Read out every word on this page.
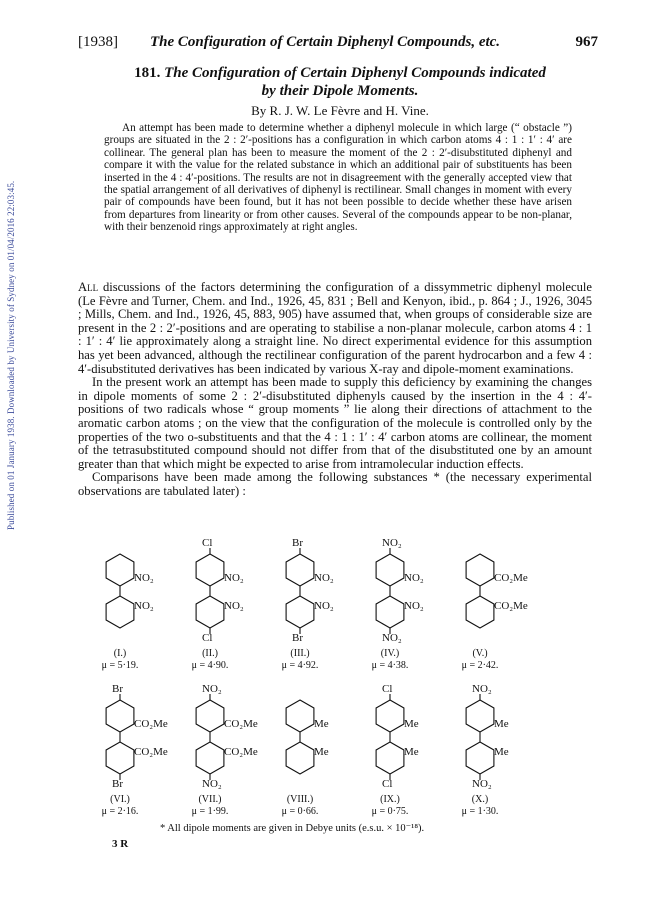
Published on 01 January 1938. Downloaded by University of Sydney on 01/04/2016 22:03:45.
[1938] The Configuration of Certain Diphenyl Compounds, etc.	967
181. The Configuration of Certain Diphenyl Compounds indicated
by their Dipole Moments.
By R. J. W. Le Fèvre and H. Vine.
An attempt has been made to determine whether a diphenyl molecule in which large (“ obstacle ”) groups are situated in the 2 : 2′-positions has a configuration in which carbon atoms 4 : 1 : 1′ : 4′ are collinear. The general plan has been to measure the moment of the 2 : 2′-disubstituted diphenyl and compare it with the value for the related substance in which an additional pair of substituents has been inserted in the 4 : 4′-positions. The results are not in disagreement with the generally accepted view that the spatial arrangement of all derivatives of diphenyl is rectilinear. Small changes in moment with every pair of compounds have been found, but it has not been possible to decide whether these have arisen from departures from linearity or from other causes. Several of the compounds appear to be non-planar, with their benzenoid rings approximately at right angles.

All discussions of the factors determining the configuration of a dissymmetric diphenyl molecule (Le Fèvre and Turner, Chem. and Ind., 1926, 45, 831 ; Bell and Kenyon, ibid., p. 864 ; J., 1926, 3045 ; Mills, Chem. and Ind., 1926, 45, 883, 905) have assumed that, when groups of considerable size are present in the 2 : 2′-positions and are operating to stabilise a non-planar molecule, carbon atoms 4 : 1 : 1′ : 4′ lie approximately along a straight line. No direct experimental evidence for this assumption has yet been advanced, although the rectilinear configuration of the parent hydrocarbon and a few 4 : 4′-disubstituted derivatives has been indicated by various X-ray and dipole-moment examinations.

In the present work an attempt has been made to supply this deficiency by examining the changes in dipole moments of some 2 : 2′-disubstituted diphenyls caused by the insertion in the 4 : 4′-positions of two radicals whose “ group moments ” lie along their directions of attachment to the aromatic carbon atoms ; on the view that the configuration of the molecule is controlled only by the properties of the two o-substituents and that the 4 : 1 : 1′ : 4′ carbon atoms are collinear, the moment of the tetrasubstituted compound should not differ from that of the disubstituted one by an amount greater than that which might be expected to arise from intramolecular induction effects.

Comparisons have been made among the following substances * (the necessary experimental observations are tabulated later) :

NO₂
NO₂
(I.)
μ = 5·19.
Cl
NO₂
NO₂
Cl
(II.)
μ = 4·90.
Br
NO₂
NO₂
Br
(III.)
μ = 4·92.
NO₂
NO₂
NO₂
NO₂
(IV.)
μ = 4·38.
CO₂Me
CO₂Me
(V.)
μ = 2·42.
Br
CO₂Me
CO₂Me
Br
(VI.)
μ = 2·16.
NO₂
CO₂Me
CO₂Me
NO₂
(VII.)
μ = 1·99.
Me
Me
(VIII.)
μ = 0·66.
Cl
Me
Me
Cl
(IX.)
μ = 0·75.
NO₂
Me
Me
NO₂
(X.)
μ = 1·30.
* All dipole moments are given in Debye units (e.s.u. × 10⁻¹⁸).
3 R
